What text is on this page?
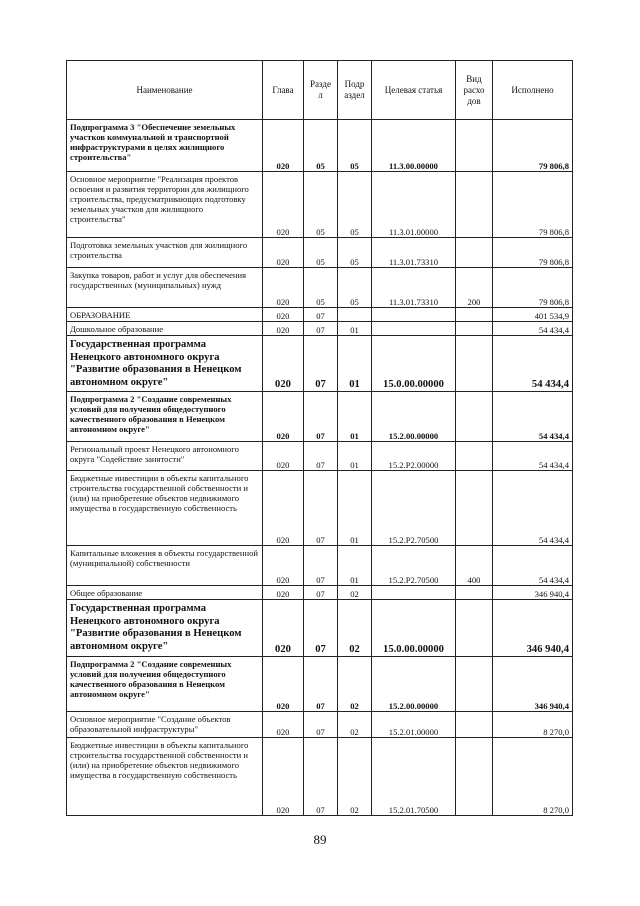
Наименование	Глава	Разде л	Подр аздел	Целевая статья	Вид расхо дов	Исполнено
Подпрограмма 3 "Обеспечение земельных участков коммунальной и транспортной инфраструктурами в целях жилищного строительства"	020	05	05	11.3.00.00000		79 806,8
Основное мероприятие "Реализация проектов освоения и развития территории для жилищного строительства, предусматривающих подготовку земельных участков для жилищного строительства"	020	05	05	11.3.01.00000		79 806,8
Подготовка земельных участков для жилищного строительства	020	05	05	11.3.01.73310		79 806,8
Закупка товаров, работ и услуг для обеспечения государственных (муниципальных) нужд	020	05	05	11.3.01.73310	200	79 806,8
ОБРАЗОВАНИЕ	020	07				401 534,9
Дошкольное образование	020	07	01			54 434,4
Государственная программа Ненецкого автономного округа "Развитие образования в Ненецком автономном округе"	020	07	01	15.0.00.00000		54 434,4
Подпрограмма 2 "Создание современных условий для получения общедоступного качественного образования в Ненецком автономном округе"	020	07	01	15.2.00.00000		54 434,4
Региональный проект Ненецкого автономного округа "Содействие занятости"	020	07	01	15.2.P2.00000		54 434,4
Бюджетные инвестиции в объекты капитального строительства государственной собственности и (или) на приобретение объектов недвижимого имущества в государственную собственность	020	07	01	15.2.P2.70500		54 434,4
Капитальные вложения в объекты государственной (муниципальной) собственности	020	07	01	15.2.P2.70500	400	54 434,4
Общее образование	020	07	02			346 940,4
Государственная программа Ненецкого автономного округа "Развитие образования в Ненецком автономном округе"	020	07	02	15.0.00.00000		346 940,4
Подпрограмма 2 "Создание современных условий для получения общедоступного качественного образования в Ненецком автономном округе"	020	07	02	15.2.00.00000		346 940,4
Основное мероприятие "Создание объектов образовательной инфраструктуры"	020	07	02	15.2.01.00000		8 270,0
Бюджетные инвестиции в объекты капитального строительства государственной собственности и (или) на приобретение объектов недвижимого имущества в государственную собственность	020	07	02	15.2.01.70500		8 270,0
89
